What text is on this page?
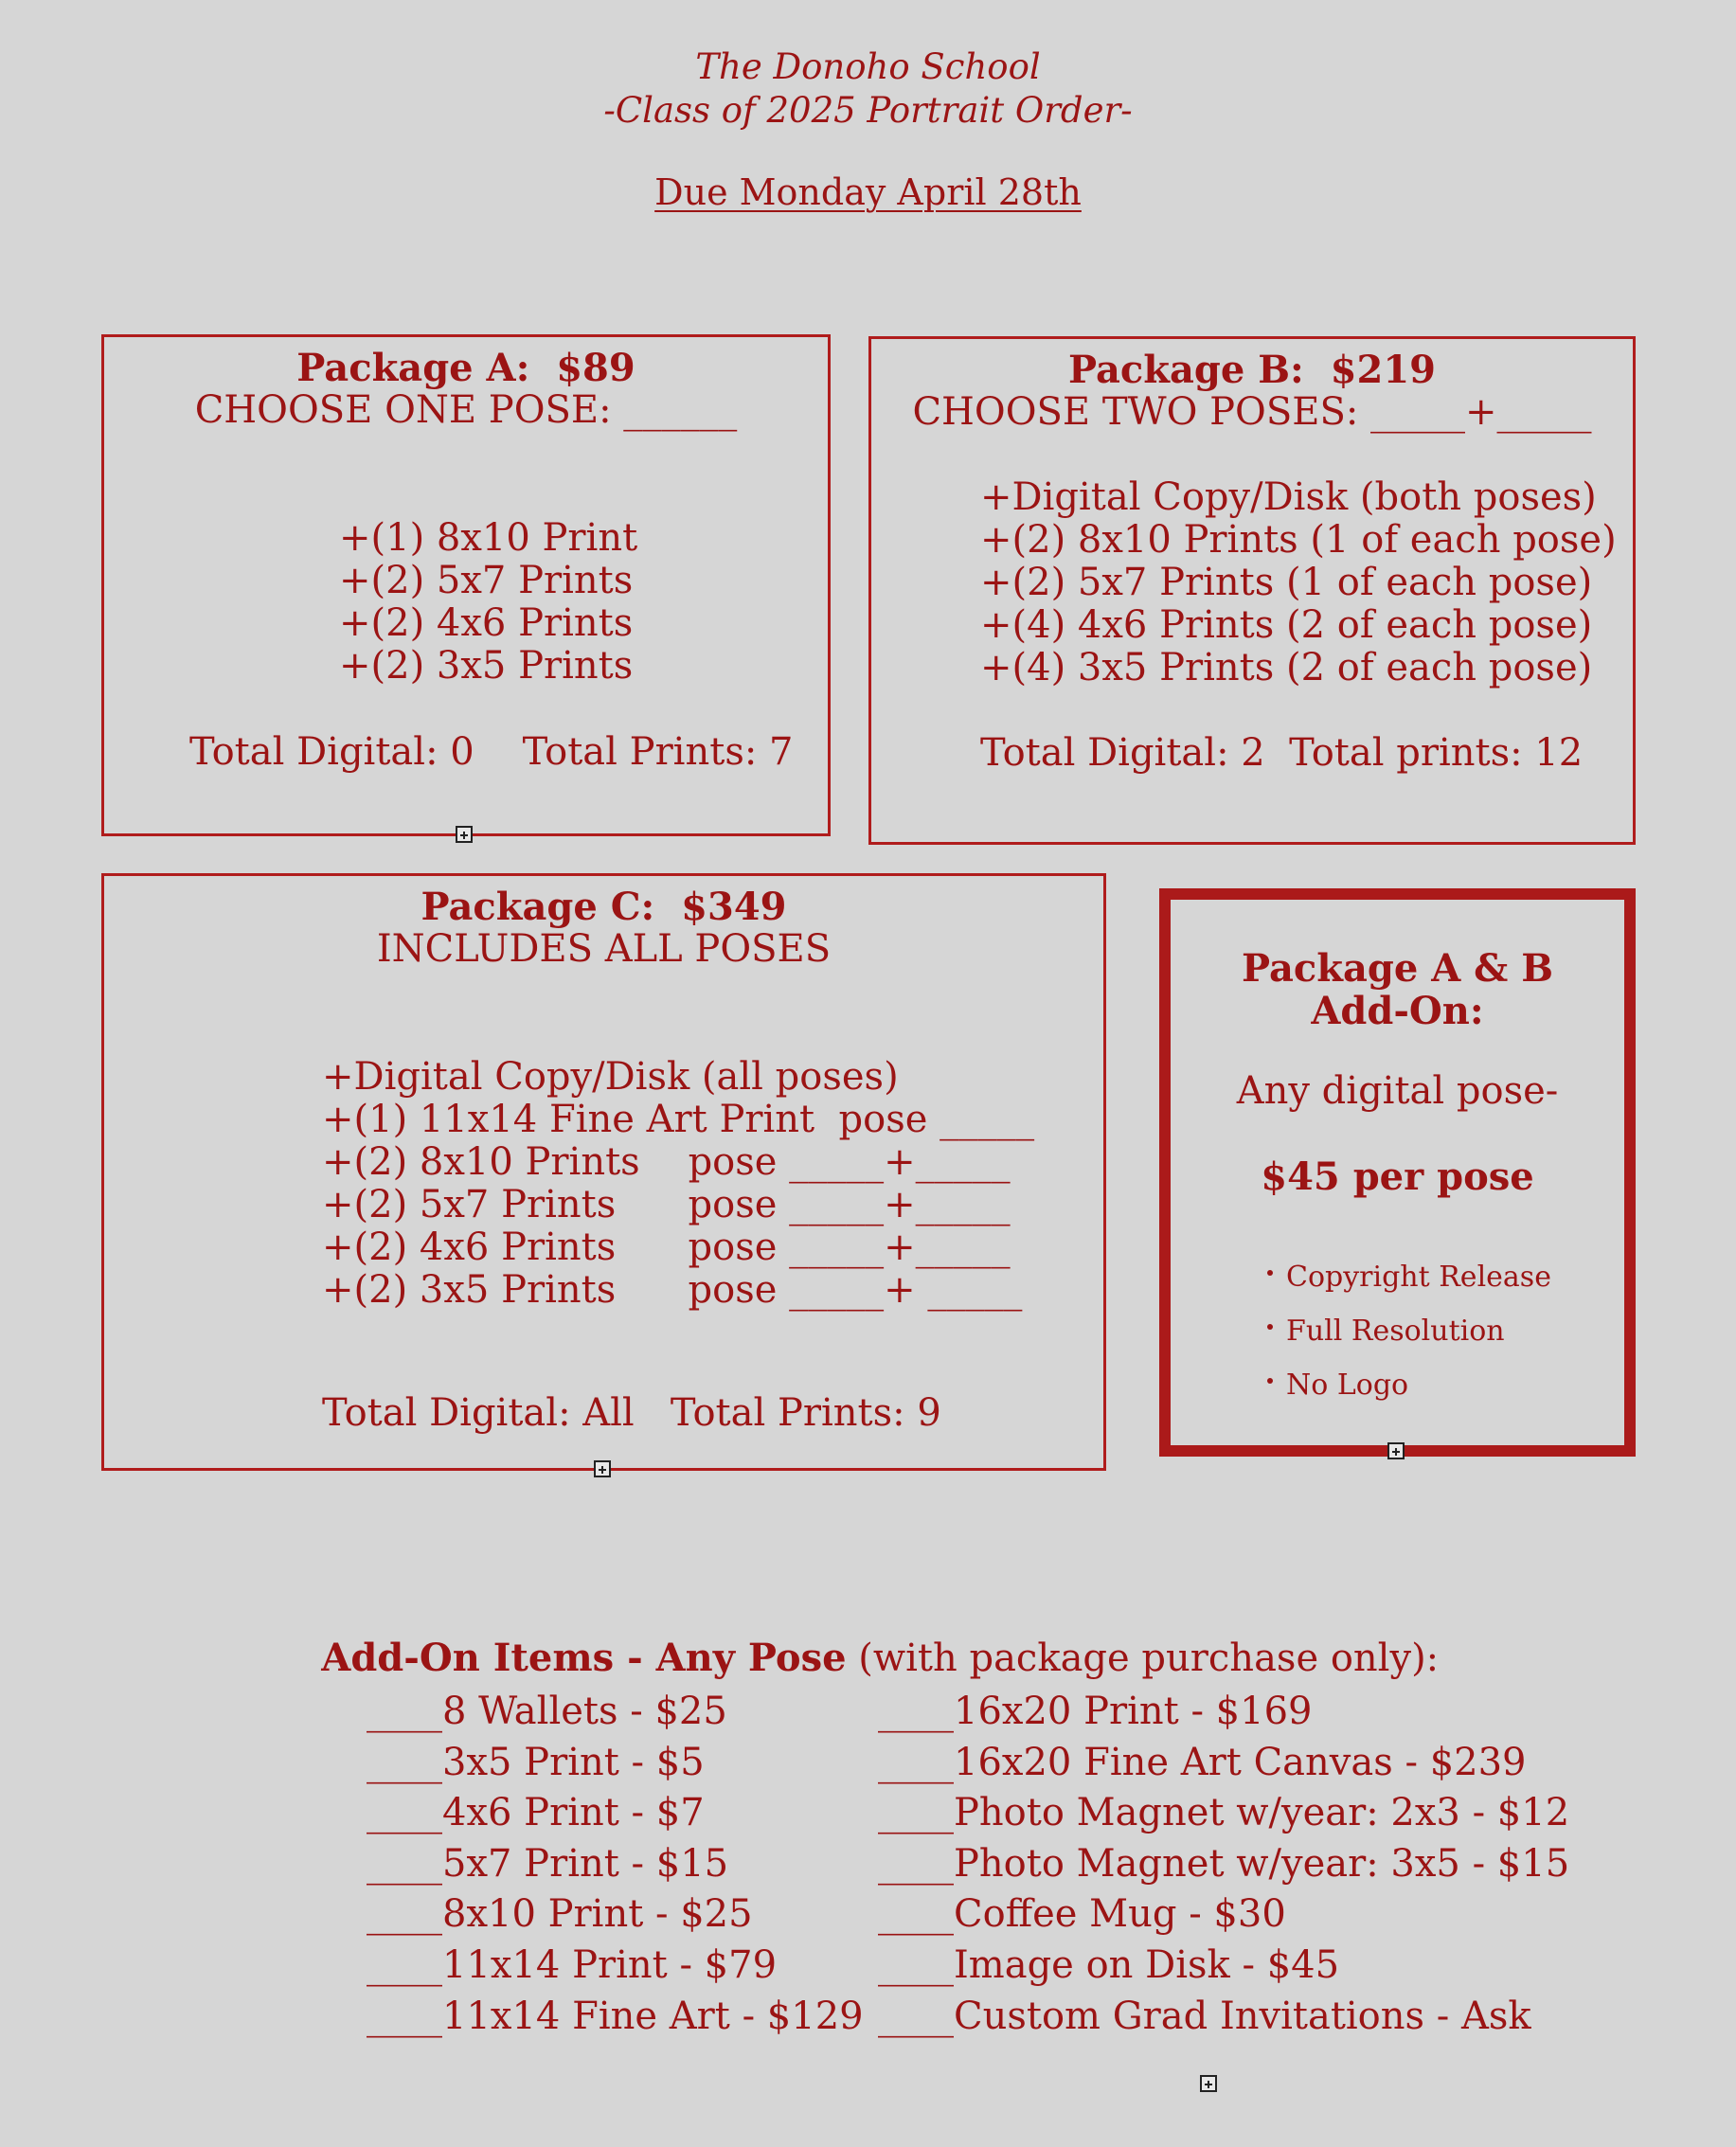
The Donoho School
-Class of 2025 Portrait Order-
Due Monday April 28th
Package A:  $89
CHOOSE ONE POSE: ______
+(1) 8x10 Print
+(2) 5x7 Prints
+(2) 4x6 Prints
+(2) 3x5 Prints
Total Digital: 0    Total Prints: 7
Package B:  $219
CHOOSE TWO POSES: _____+_____
+Digital Copy/Disk (both poses)
+(2) 8x10 Prints (1 of each pose)
+(2) 5x7 Prints (1 of each pose)
+(4) 4x6 Prints (2 of each pose)
+(4) 3x5 Prints (2 of each pose)
Total Digital: 2  Total prints: 12
Package C:  $349
INCLUDES ALL POSES
+Digital Copy/Disk (all poses)
+(1) 11x14 Fine Art Print  pose _____
+(2) 8x10 Prints    pose _____+_____
+(2) 5x7 Prints      pose _____+_____
+(2) 4x6 Prints      pose _____+_____
+(2) 3x5 Prints      pose _____+ _____
Total Digital: All   Total Prints: 9
Package A & B
Add-On:
Any digital pose-
$45 per pose
Copyright Release
Full Resolution
No Logo

Add-On Items - Any Pose (with package purchase only):

____8 Wallets - $25
____3x5 Print - $5
____4x6 Print - $7
____5x7 Print - $15
____8x10 Print - $25
____11x14 Print - $79
____11x14 Fine Art - $129
____16x20 Print - $169
____16x20 Fine Art Canvas - $239
____Photo Magnet w/year: 2x3 - $12
____Photo Magnet w/year: 3x5 - $15
____Coffee Mug - $30
____Image on Disk - $45
____Custom Grad Invitations - Ask
